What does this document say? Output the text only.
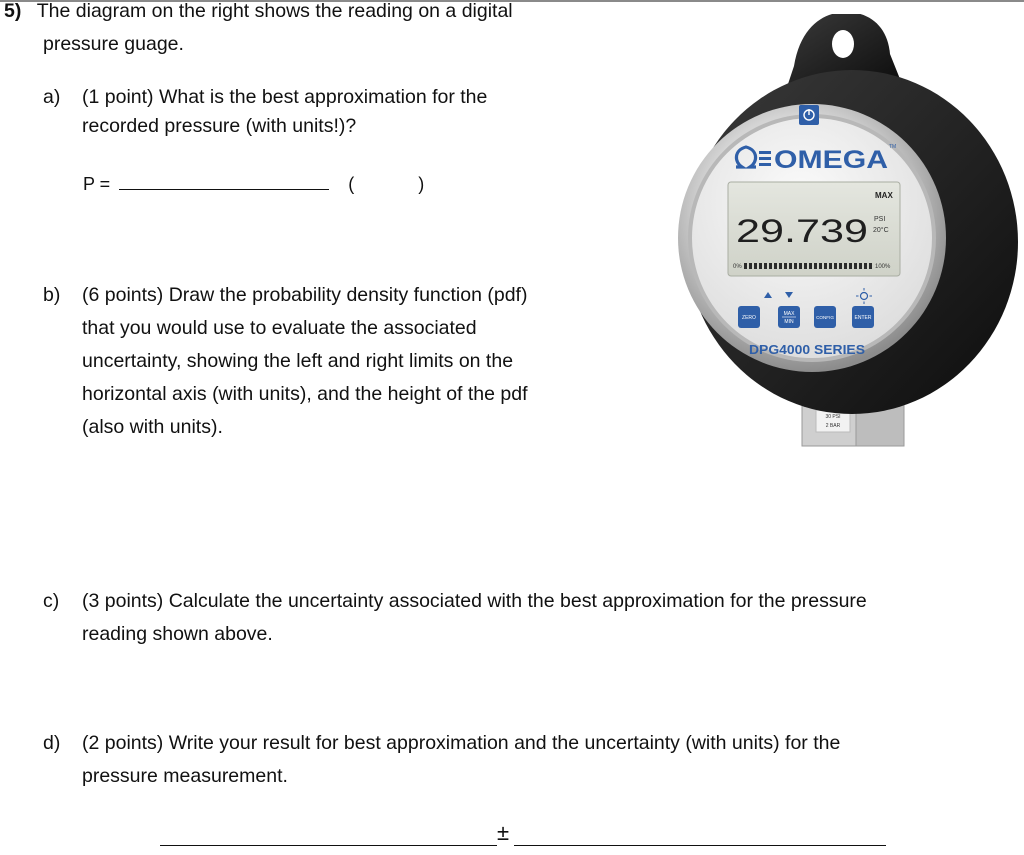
5) The diagram on the right shows the reading on a digital
pressure guage.
a) (1 point) What is the best approximation for the
recorded pressure (with units!)?
P =	(	)
b) (6 points) Draw the probability density function (pdf)
that you would use to evaluate the associated
uncertainty, showing the left and right limits on the
horizontal axis (with units), and the height of the pdf
(also with units).
c) (3 points) Calculate the uncertainty associated with the best approximation for the pressure
reading shown above.
d) (2 points) Write your result for best approximation and the uncertainty (with units) for the
pressure measurement.
±
30 PSI
2 BAR
OMEGA TM
MAX
29.739 PSI
20°C
0%	100%
ZERO
MAX
MIN
CONFIG	ENTER
DPG4000 SERIES
